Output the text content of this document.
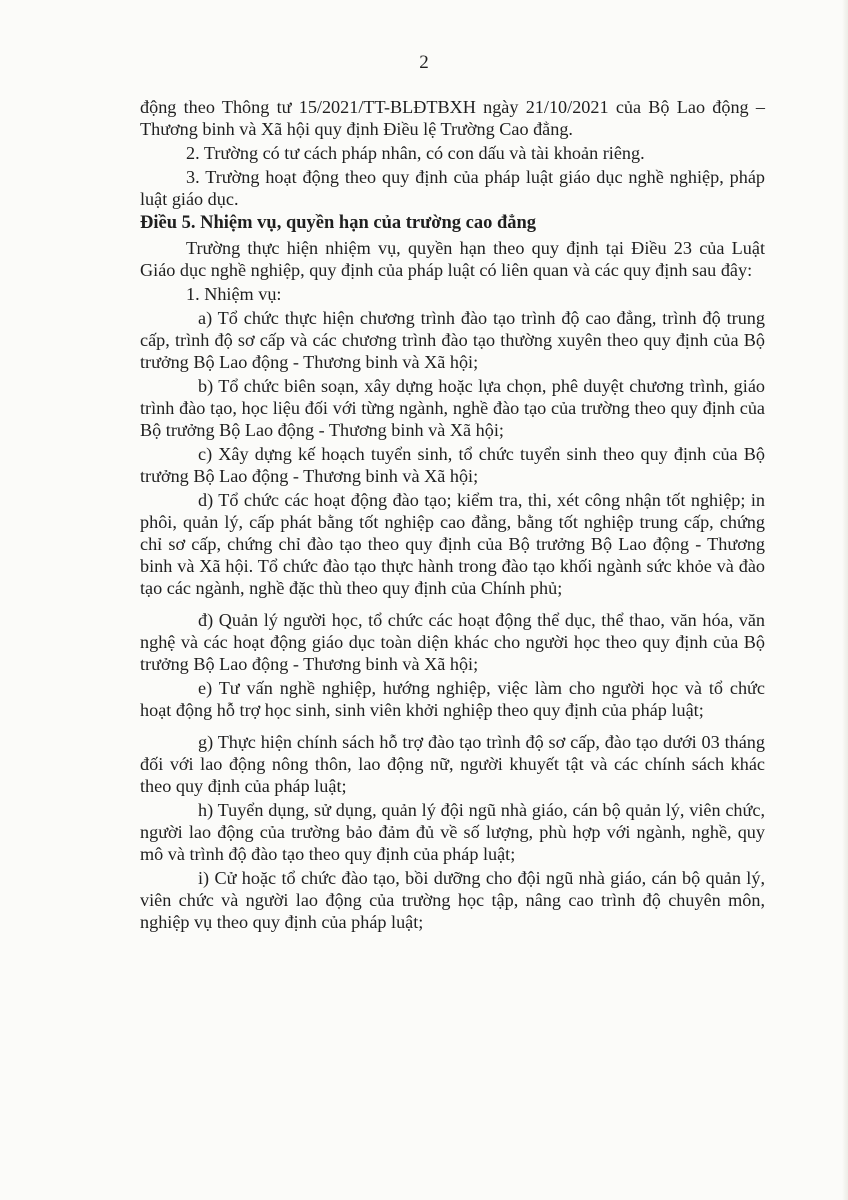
2

động theo Thông tư 15/2021/TT-BLĐTBXH ngày 21/10/2021 của Bộ Lao động – Thương binh và Xã hội quy định Điều lệ Trường Cao đẳng.

2. Trường có tư cách pháp nhân, có con dấu và tài khoản riêng.

3. Trường hoạt động theo quy định của pháp luật giáo dục nghề nghiệp, pháp luật giáo dục.

Điều 5. Nhiệm vụ, quyền hạn của trường cao đẳng

Trường thực hiện nhiệm vụ, quyền hạn theo quy định tại Điều 23 của Luật Giáo dục nghề nghiệp, quy định của pháp luật có liên quan và các quy định sau đây:

1. Nhiệm vụ:

a) Tổ chức thực hiện chương trình đào tạo trình độ cao đẳng, trình độ trung cấp, trình độ sơ cấp và các chương trình đào tạo thường xuyên theo quy định của Bộ trưởng Bộ Lao động - Thương binh và Xã hội;

b) Tổ chức biên soạn, xây dựng hoặc lựa chọn, phê duyệt chương trình, giáo trình đào tạo, học liệu đối với từng ngành, nghề đào tạo của trường theo quy định của Bộ trưởng Bộ Lao động - Thương binh và Xã hội;

c) Xây dựng kế hoạch tuyển sinh, tổ chức tuyển sinh theo quy định của Bộ trưởng Bộ Lao động - Thương binh và Xã hội;

d) Tổ chức các hoạt động đào tạo; kiểm tra, thi, xét công nhận tốt nghiệp; in phôi, quản lý, cấp phát bằng tốt nghiệp cao đẳng, bằng tốt nghiệp trung cấp, chứng chỉ sơ cấp, chứng chỉ đào tạo theo quy định của Bộ trưởng Bộ Lao động - Thương binh và Xã hội. Tổ chức đào tạo thực hành trong đào tạo khối ngành sức khỏe và đào tạo các ngành, nghề đặc thù theo quy định của Chính phủ;

đ) Quản lý người học, tổ chức các hoạt động thể dục, thể thao, văn hóa, văn nghệ và các hoạt động giáo dục toàn diện khác cho người học theo quy định của Bộ trưởng Bộ Lao động - Thương binh và Xã hội;

e) Tư vấn nghề nghiệp, hướng nghiệp, việc làm cho người học và tổ chức hoạt động hỗ trợ học sinh, sinh viên khởi nghiệp theo quy định của pháp luật;

g) Thực hiện chính sách hỗ trợ đào tạo trình độ sơ cấp, đào tạo dưới 03 tháng đối với lao động nông thôn, lao động nữ, người khuyết tật và các chính sách khác theo quy định của pháp luật;

h) Tuyển dụng, sử dụng, quản lý đội ngũ nhà giáo, cán bộ quản lý, viên chức, người lao động của trường bảo đảm đủ về số lượng, phù hợp với ngành, nghề, quy mô và trình độ đào tạo theo quy định của pháp luật;

i) Cử hoặc tổ chức đào tạo, bồi dưỡng cho đội ngũ nhà giáo, cán bộ quản lý, viên chức và người lao động của trường học tập, nâng cao trình độ chuyên môn, nghiệp vụ theo quy định của pháp luật;
